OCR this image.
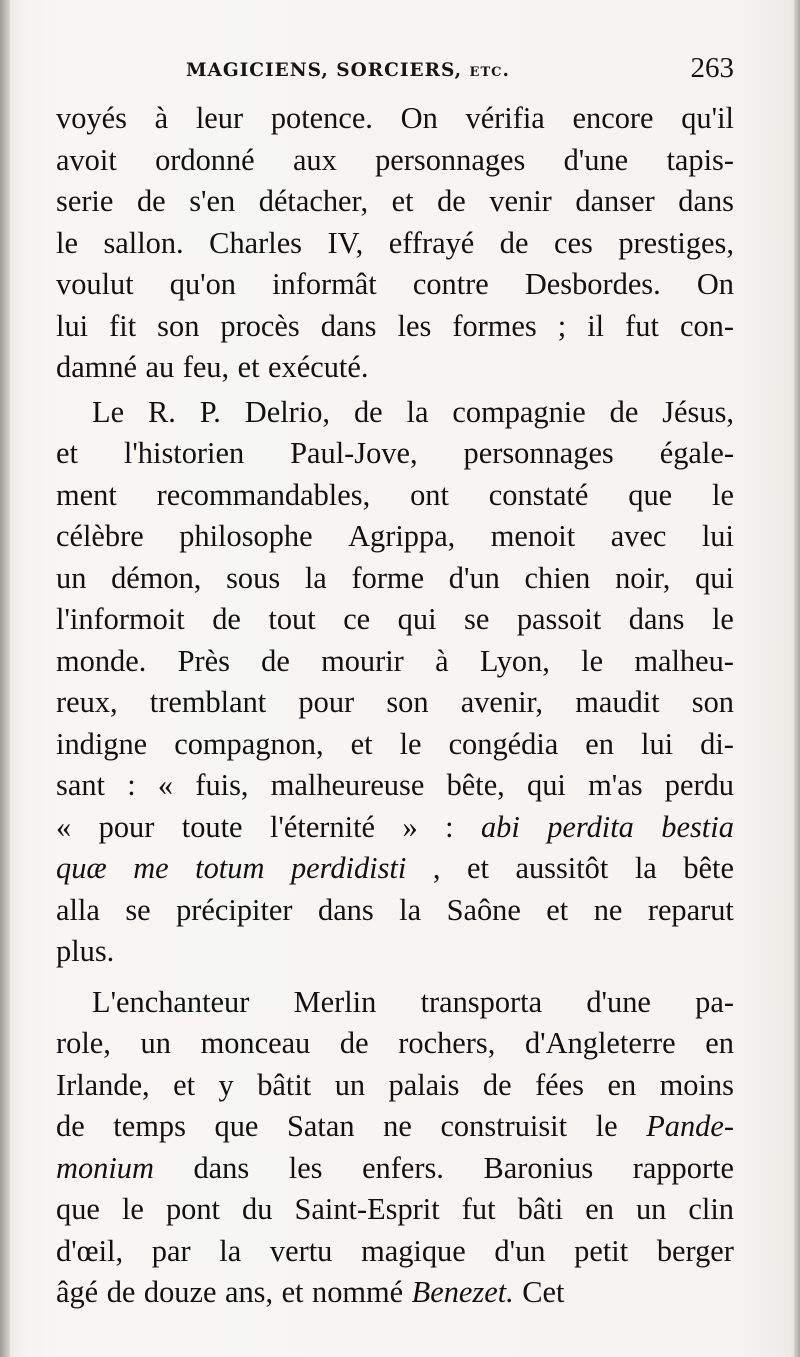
MAGICIENS, SORCIERS, etc.	263
voyés à leur potence. On vérifia encore qu'il
avoit ordonné aux personnages d'une tapis-
serie de s'en détacher, et de venir danser dans
le sallon. Charles IV, effrayé de ces prestiges,
voulut qu'on informât contre Desbordes. On
lui fit son procès dans les formes ; il fut con-
damné au feu, et exécuté.
Le R. P. Delrio, de la compagnie de Jésus,
et l'historien Paul-Jove, personnages égale-
ment recommandables, ont constaté que le
célèbre philosophe Agrippa, menoit avec lui
un démon, sous la forme d'un chien noir, qui
l'informoit de tout ce qui se passoit dans le
monde. Près de mourir à Lyon, le malheu-
reux, tremblant pour son avenir, maudit son
indigne compagnon, et le congédia en lui di-
sant : « fuis, malheureuse bête, qui m'as perdu
« pour toute l'éternité » : abi perdita bestia
quæ me totum perdidisti , et aussitôt la bête
alla se précipiter dans la Saône et ne reparut
plus.
L'enchanteur Merlin transporta d'une pa-
role, un monceau de rochers, d'Angleterre en
Irlande, et y bâtit un palais de fées en moins
de temps que Satan ne construisit le Pande-
monium dans les enfers. Baronius rapporte
que le pont du Saint-Esprit fut bâti en un clin
d'œil, par la vertu magique d'un petit berger
âgé de douze ans, et nommé Benezet. Cet
